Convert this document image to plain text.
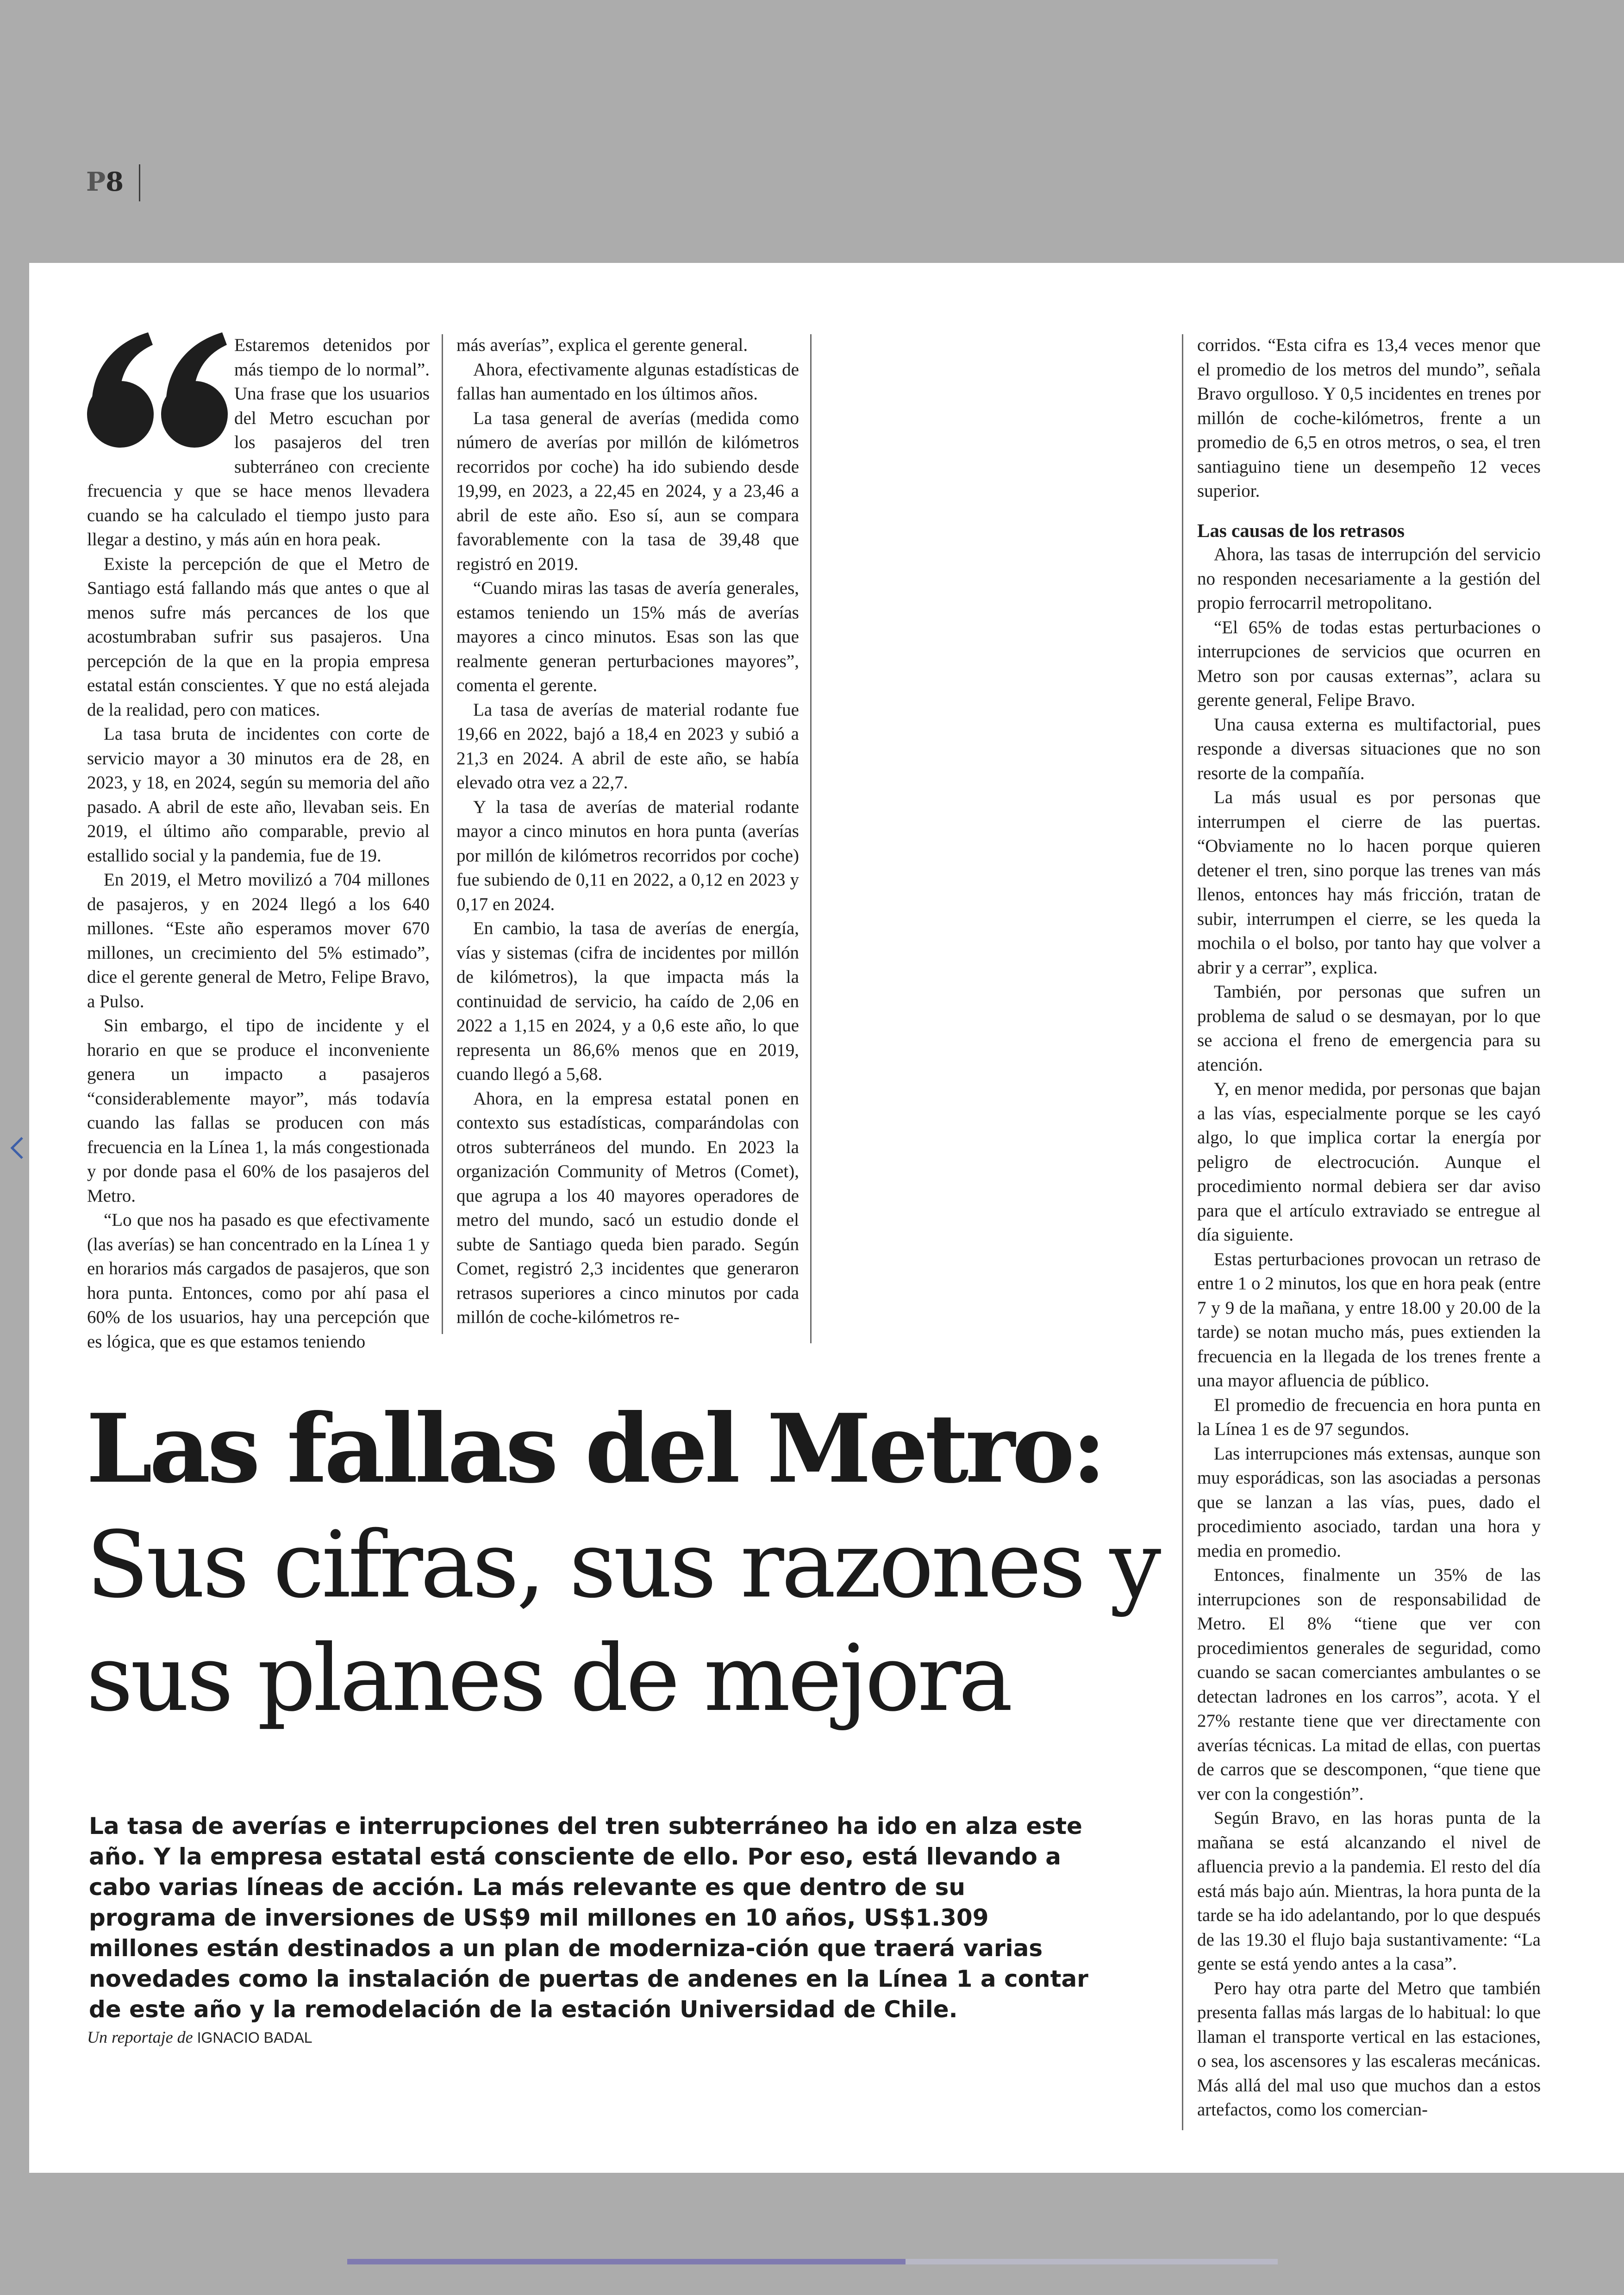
P8

Estaremos detenidos por más tiempo de lo normal”. Una frase que los usuarios del Metro escuchan por los pasajeros del tren subterráneo con creciente frecuencia y que se hace menos llevadera cuando se ha calculado el tiempo justo para llegar a destino, y más aún en hora peak.

Existe la percepción de que el Metro de Santiago está fallando más que antes o que al menos sufre más percances de los que acostumbraban sufrir sus pasajeros. Una percepción de la que en la propia empresa estatal están conscientes. Y que no está alejada de la realidad, pero con matices.

La tasa bruta de incidentes con corte de servicio mayor a 30 minutos era de 28, en 2023, y 18, en 2024, según su memoria del año pasado. A abril de este año, llevaban seis. En 2019, el último año comparable, previo al estallido social y la pandemia, fue de 19.

En 2019, el Metro movilizó a 704 millones de pasajeros, y en 2024 llegó a los 640 millones. “Este año esperamos mover 670 millones, un crecimiento del 5% estimado”, dice el gerente general de Metro, Felipe Bravo, a Pulso.

Sin embargo, el tipo de incidente y el horario en que se produce el inconveniente genera un impacto a pasajeros “considerablemente mayor”, más todavía cuando las fallas se producen con más frecuencia en la Línea 1, la más congestionada y por donde pasa el 60% de los pasajeros del Metro.

“Lo que nos ha pasado es que efectivamente (las averías) se han concentrado en la Línea 1 y en horarios más cargados de pasajeros, que son hora punta. Entonces, como por ahí pasa el 60% de los usuarios, hay una percepción que es lógica, que es que estamos teniendo

más averías”, explica el gerente general.

Ahora, efectivamente algunas estadísticas de fallas han aumentado en los últimos años.

La tasa general de averías (medida como número de averías por millón de kilómetros recorridos por coche) ha ido subiendo desde 19,99, en 2023, a 22,45 en 2024, y a 23,46 a abril de este año. Eso sí, aun se compara favorablemente con la tasa de 39,48 que registró en 2019.

“Cuando miras las tasas de avería generales, estamos teniendo un 15% más de averías mayores a cinco minutos. Esas son las que realmente generan perturbaciones mayores”, comenta el gerente.

La tasa de averías de material rodante fue 19,66 en 2022, bajó a 18,4 en 2023 y subió a 21,3 en 2024. A abril de este año, se había elevado otra vez a 22,7.

Y la tasa de averías de material rodante mayor a cinco minutos en hora punta (averías por millón de kilómetros recorridos por coche) fue subiendo de 0,11 en 2022, a 0,12 en 2023 y 0,17 en 2024.

En cambio, la tasa de averías de energía, vías y sistemas (cifra de incidentes por millón de kilómetros), la que impacta más la continuidad de servicio, ha caído de 2,06 en 2022 a 1,15 en 2024, y a 0,6 este año, lo que representa un 86,6% menos que en 2019, cuando llegó a 5,68.

Ahora, en la empresa estatal ponen en contexto sus estadísticas, comparándolas con otros subterráneos del mundo. En 2023 la organización Community of Metros (Comet), que agrupa a los 40 mayores operadores de metro del mundo, sacó un estudio donde el subte de Santiago queda bien parado. Según Comet, registró 2,3 incidentes que generaron retrasos superiores a cinco minutos por cada millón de coche-kilómetros re-

corridos. “Esta cifra es 13,4 veces menor que el promedio de los metros del mundo”, señala Bravo orgulloso. Y 0,5 incidentes en trenes por millón de coche-kilómetros, frente a un promedio de 6,5 en otros metros, o sea, el tren santiaguino tiene un desempeño 12 veces superior.

Las causas de los retrasos

Ahora, las tasas de interrupción del servicio no responden necesariamente a la gestión del propio ferrocarril metropolitano.

“El 65% de todas estas perturbaciones o interrupciones de servicios que ocurren en Metro son por causas externas”, aclara su gerente general, Felipe Bravo.

Una causa externa es multifactorial, pues responde a diversas situaciones que no son resorte de la compañía.

La más usual es por personas que interrumpen el cierre de las puertas. “Obviamente no lo hacen porque quieren detener el tren, sino porque las trenes van más llenos, entonces hay más fricción, tratan de subir, interrumpen el cierre, se les queda la mochila o el bolso, por tanto hay que volver a abrir y a cerrar”, explica.

También, por personas que sufren un problema de salud o se desmayan, por lo que se acciona el freno de emergencia para su atención.

Y, en menor medida, por personas que bajan a las vías, especialmente porque se les cayó algo, lo que implica cortar la energía por peligro de electrocución. Aunque el procedimiento normal debiera ser dar aviso para que el artículo extraviado se entregue al día siguiente.

Estas perturbaciones provocan un retraso de entre 1 o 2 minutos, los que en hora peak (entre 7 y 9 de la mañana, y entre 18.00 y 20.00 de la tarde) se notan mucho más, pues extienden la frecuencia en la llegada de los trenes frente a una mayor afluencia de público.

El promedio de frecuencia en hora punta en la Línea 1 es de 97 segundos.

Las interrupciones más extensas, aunque son muy esporádicas, son las asociadas a personas que se lanzan a las vías, pues, dado el procedimiento asociado, tardan una hora y media en promedio.

Entonces, finalmente un 35% de las interrupciones son de responsabilidad de Metro. El 8% “tiene que ver con procedimientos generales de seguridad, como cuando se sacan comerciantes ambulantes o se detectan ladrones en los carros”, acota. Y el 27% restante tiene que ver directamente con averías técnicas. La mitad de ellas, con puertas de carros que se descomponen, “que tiene que ver con la congestión”.

Según Bravo, en las horas punta de la mañana se está alcanzando el nivel de afluencia previo a la pandemia. El resto del día está más bajo aún. Mientras, la hora punta de la tarde se ha ido adelantando, por lo que después de las 19.30 el flujo baja sustantivamente: “La gente se está yendo antes a la casa”.

Pero hay otra parte del Metro que también presenta fallas más largas de lo habitual: lo que llaman el transporte vertical en las estaciones, o sea, los ascensores y las escaleras mecánicas. Más allá del mal uso que muchos dan a estos artefactos, como los comercian-

Las fallas del Metro:
Sus cifras, sus razones y sus planes de mejora
La tasa de averías e interrupciones del tren subterráneo ha ido en alza este año. Y la empresa estatal está consciente de ello. Por eso, está llevando a cabo varias líneas de acción. La más relevante es que dentro de su programa de inversiones de US$9 mil millones en 10 años, US$1.309 millones están destinados a un plan de moderniza-ción que traerá varias novedades como la instalación de puertas de andenes en la Línea 1 a contar de este año y la remodelación de la estación Universidad de Chile.
Un reportaje de IGNACIO BADAL
